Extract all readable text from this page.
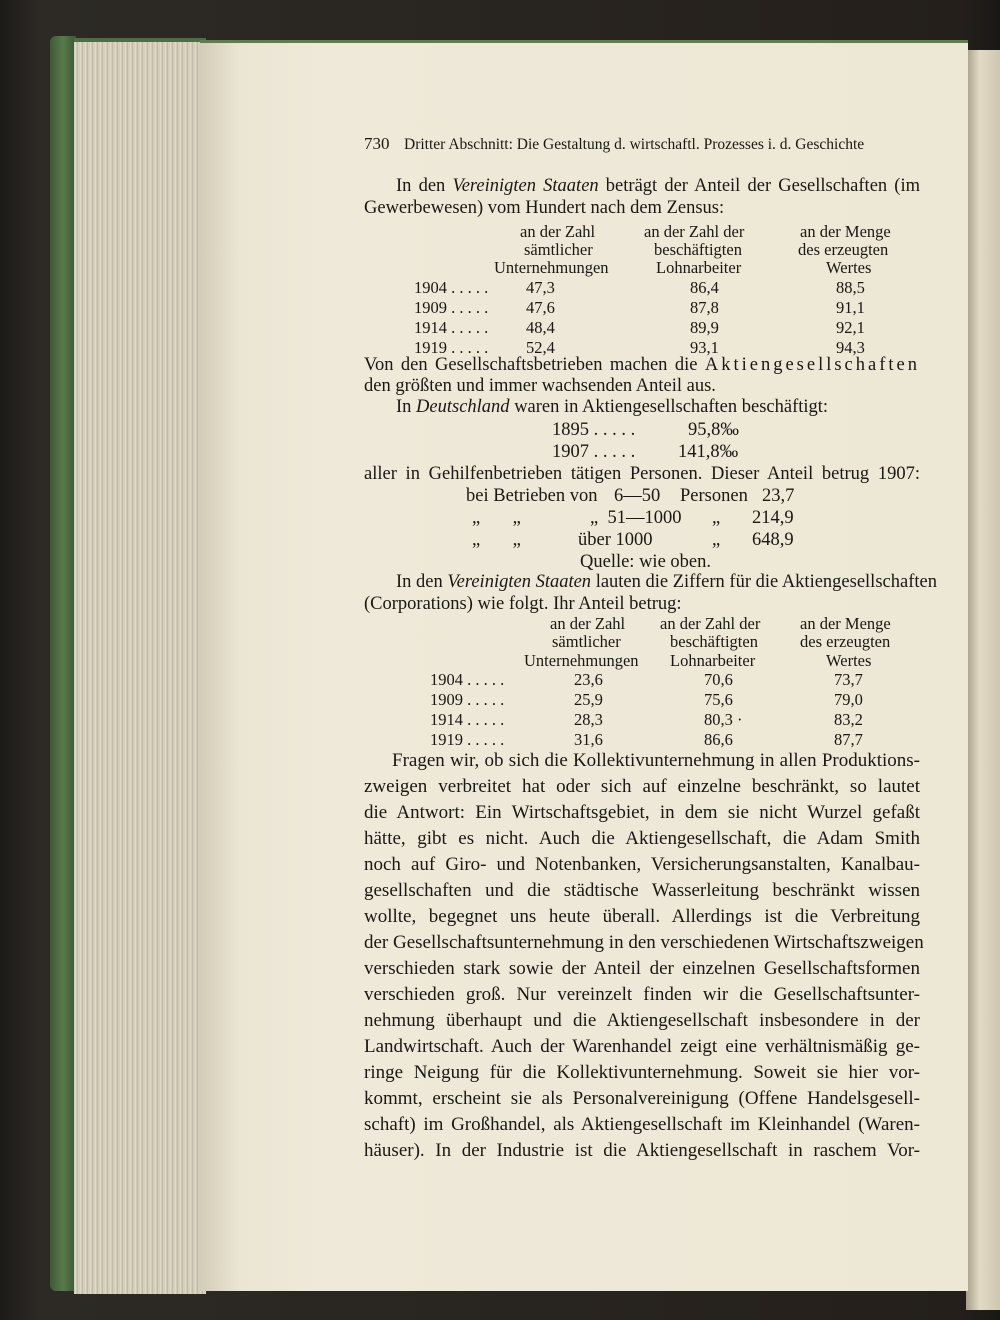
730 Dritter Abschnitt: Die Gestaltung d. wirtschaftl. Prozesses i. d. Geschichte
In den Vereinigten Staaten beträgt der Anteil der Gesellschaften (im
Gewerbewesen) vom Hundert nach dem Zensus:
an der Zahl
sämtlicher
Unternehmungen
an der Zahl der
beschäftigten
Lohnarbeiter
an der Menge
des erzeugten
Wertes
1904 . . . . . 47,3	86,4	88,5
1909 . . . . . 47,6	87,8	91,1
1914 . . . . . 48,4	89,9	92,1
1919 . . . . . 52,4	93,1	94,3
Von den Gesellschaftsbetrieben machen die Aktiengesellschaften
den größten und immer wachsenden Anteil aus.
In Deutschland waren in Aktiengesellschaften beschäftigt:
1895 . . . . .	95,8‰
1907 . . . . . 141,8‰
aller in Gehilfenbetrieben tätigen Personen. Dieser Anteil betrug 1907:
bei Betrieben von 6—50 Personen 23,7
„       „	„  51—1000 „ 214,9
„       „	über 1000	„ 648,9
Quelle: wie oben.
In den Vereinigten Staaten lauten die Ziffern für die Aktiengesellschaften
(Corporations) wie folgt. Ihr Anteil betrug:
an der Zahl
sämtlicher
Unternehmungen
an der Zahl der
beschäftigten
Lohnarbeiter
an der Menge
des erzeugten
Wertes
1904 . . . . .	23,6	70,6	73,7
1909 . . . . .	25,9	75,6	79,0
1914 . . . . .	28,3	80,3 ·	83,2
1919 . . . . .	31,6	86,6	87,7
Fragen wir, ob sich die Kollektivunternehmung in allen Produktions-
zweigen verbreitet hat oder sich auf einzelne beschränkt, so lautet
die Antwort: Ein Wirtschaftsgebiet, in dem sie nicht Wurzel gefaßt
hätte, gibt es nicht. Auch die Aktiengesellschaft, die Adam Smith
noch auf Giro- und Notenbanken, Versicherungsanstalten, Kanalbau-
gesellschaften und die städtische Wasserleitung beschränkt wissen
wollte, begegnet uns heute überall. Allerdings ist die Verbreitung
der Gesellschaftsunternehmung in den verschiedenen Wirtschaftszweigen
verschieden stark sowie der Anteil der einzelnen Gesellschaftsformen
verschieden groß. Nur vereinzelt finden wir die Gesellschaftsunter-
nehmung überhaupt und die Aktiengesellschaft insbesondere in der
Landwirtschaft. Auch der Warenhandel zeigt eine verhältnismäßig ge-
ringe Neigung für die Kollektivunternehmung. Soweit sie hier vor-
kommt, erscheint sie als Personalvereinigung (Offene Handelsgesell-
schaft) im Großhandel, als Aktiengesellschaft im Kleinhandel (Waren-
häuser). In der Industrie ist die Aktiengesellschaft in raschem Vor-
